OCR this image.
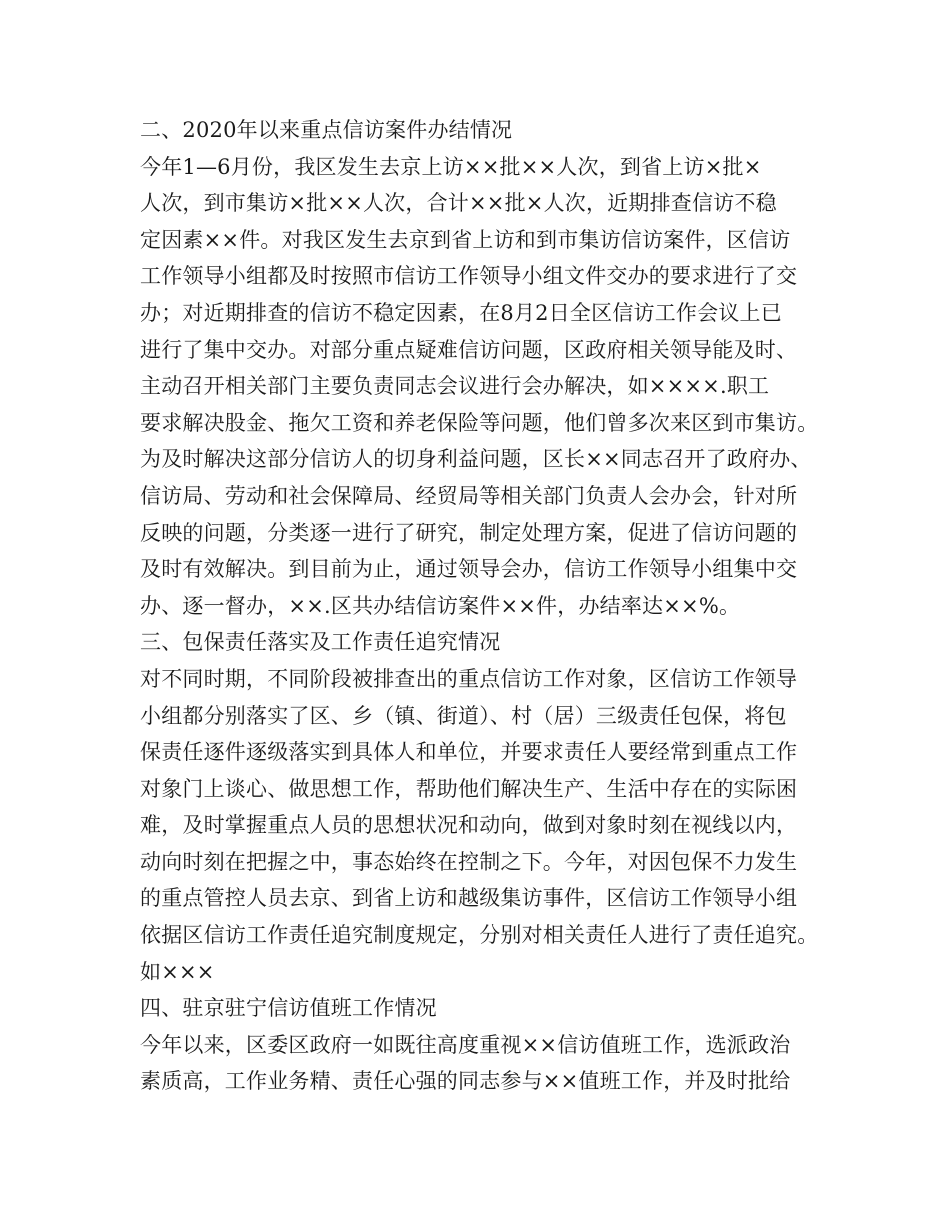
二、2020年以来重点信访案件办结情况
今年1—6月份，我区发生去京上访××批××人次，到省上访×批×
人次，到市集访×批××人次，合计××批×人次，近期排查信访不稳
定因素××件。对我区发生去京到省上访和到市集访信访案件，区信访
工作领导小组都及时按照市信访工作领导小组文件交办的要求进行了交
办；对近期排查的信访不稳定因素，在8月2日全区信访工作会议上已
进行了集中交办。对部分重点疑难信访问题，区政府相关领导能及时、
主动召开相关部门主要负责同志会议进行会办解决，如××××.职工
要求解决股金、拖欠工资和养老保险等问题，他们曾多次来区到市集访。
为及时解决这部分信访人的切身利益问题，区长××同志召开了政府办、
信访局、劳动和社会保障局、经贸局等相关部门负责人会办会，针对所
反映的问题，分类逐一进行了研究，制定处理方案，促进了信访问题的
及时有效解决。到目前为止，通过领导会办，信访工作领导小组集中交
办、逐一督办，××.区共办结信访案件××件，办结率达××%。
三、包保责任落实及工作责任追究情况
对不同时期，不同阶段被排查出的重点信访工作对象，区信访工作领导
小组都分别落实了区、乡（镇、街道）、村（居）三级责任包保，将包
保责任逐件逐级落实到具体人和单位，并要求责任人要经常到重点工作
对象门上谈心、做思想工作，帮助他们解决生产、生活中存在的实际困
难，及时掌握重点人员的思想状况和动向，做到对象时刻在视线以内，
动向时刻在把握之中，事态始终在控制之下。今年，对因包保不力发生
的重点管控人员去京、到省上访和越级集访事件，区信访工作领导小组
依据区信访工作责任追究制度规定，分别对相关责任人进行了责任追究。
如×××
四、驻京驻宁信访值班工作情况
今年以来，区委区政府一如既往高度重视××信访值班工作，选派政治
素质高，工作业务精、责任心强的同志参与××值班工作，并及时批给
